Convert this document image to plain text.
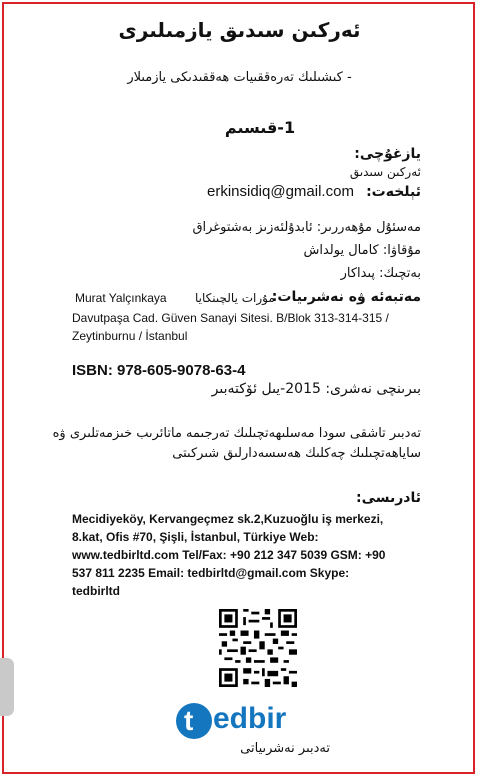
ئەركىن سىدىق يازمىلىرى
- كىشىلىك تەرەققىيات ھەققىدىكى يازمىلار
1-قىسىم
يازغۇچى:
ئەركىن سىدىق
ئېلخەت:
erkinsidiq@gmail.com
مەسئۇل مۇھەررىر: ئابدۇلئەزىز بەشتوغراق
مۇقاۋا: كامال يولداش
بەتچىك: پىداكار
مەتبەئە ۋە نەشرىيات:
مۇرات يالچىنكايا
Murat Yalçınkaya
Davutpaşa Cad. Güven Sanayi Sitesi. B/Blok 313-314-315 /
Zeytinburnu / İstanbul
ISBN: 978-605-9078-63-4
بىرىنچى نەشرى: 2015-يىل ئۆكتەبىر
تەدبىر تاشقى سودا مەسلىھەتچىلىك تەرجىمە ماتائرىب خىزمەتلىرى ۋە
ساياھەتچىلىك چەكلىك ھەسسەدارلىق شىركىتى
ئادرىسى:
Mecidiyeköy, Kervangeçmez sk.2,Kuzuoğlu iş merkezi, 8.kat, Ofis #70, Şişli, İstanbul, Türkiye Web: www.tedbirltd.com Tel/Fax: +90 212 347 5039 GSM: +90 537 811 2235 Email: tedbirltd@gmail.com Skype: tedbirltd
t edbir
تەدبىر نەشرىياتى
